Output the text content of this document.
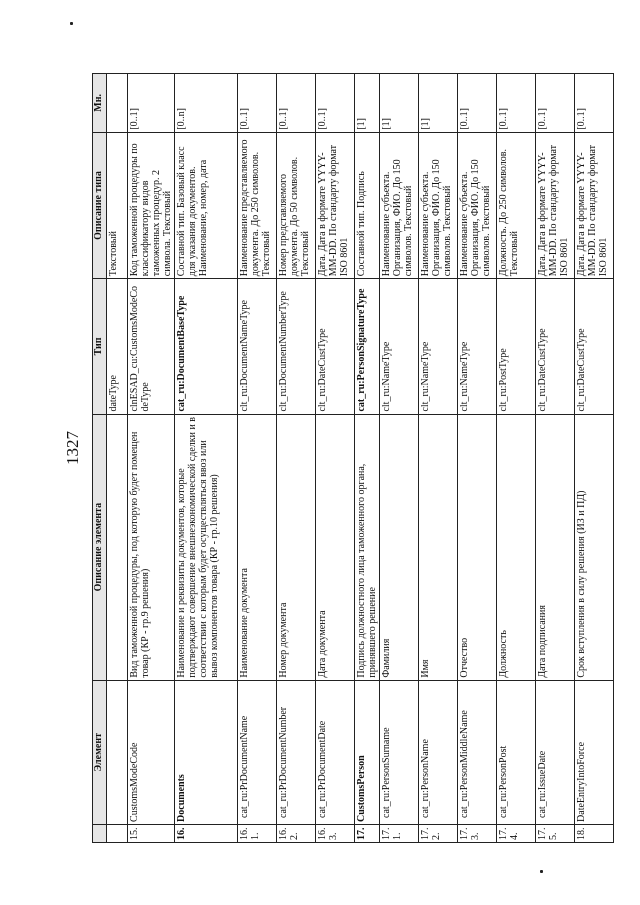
1327
	Элемент	Описание элемента	Тип	Описание типа	Мн.
			dateType	Текстовый	
15.	CustomsModeCode	Вид таможенной процедуры, под которую будет помещен товар (КР - гр.9 решения)	clnESAD_cu:CustomsModeCodeType	Код таможенной процедуры по классификатору видов таможенных процедур. 2 символа. Текстовый	[0..1]
16.	Documents	Наименование и реквизиты документов, которые подтверждают совершение внешнеэкономической сделки и в соответствии с которым будет осуществляться ввоз или вывоз компонентов товара (КР - гр.10 решения)	cat_ru:DocumentBaseType	Составной тип. Базовый класс для указания документов. Наименование, номер, дата	[0..n]
16.1.	cat_ru:PrDocumentName	Наименование документа	clt_ru:DocumentNameType	Наименование представляемого документа. До 250 символов. Текстовый	[0..1]
16.2.	cat_ru:PrDocumentNumber	Номер документа	clt_ru:DocumentNumberType	Номер представляемого документа. До 50 символов. Текстовый	[0..1]
16.3.	cat_ru:PrDocumentDate	Дата документа	clt_ru:DateCustType	Дата. Дата в формате YYYY-MM-DD. По стандарту формат ISO 8601	[0..1]
17.	CustomsPerson	Подпись должностного лица таможенного органа, принявшего решение	cat_ru:PersonSignatureType	Составной тип. Подпись	[1]
17.1.	cat_ru:PersonSurname	Фамилия	clt_ru:NameType	Наименование субъекта. Организация, ФИО. До 150 символов. Текстовый	[1]
17.2.	cat_ru:PersonName	Имя	clt_ru:NameType	Наименование субъекта. Организация, ФИО. До 150 символов. Текстовый	[1]
17.3.	cat_ru:PersonMiddleName	Отчество	clt_ru:NameType	Наименование субъекта. Организация, ФИО. До 150 символов. Текстовый	[0..1]
17.4.	cat_ru:PersonPost	Должность	clt_ru:PostType	Должность. До 250 символов. Текстовый	[0..1]
17.5.	cat_ru:IssueDate	Дата подписания	clt_ru:DateCustType	Дата. Дата в формате YYYY-MM-DD. По стандарту формат ISO 8601	[0..1]
18.	DateEntryIntoForce	Срок вступления в силу решения (ИЗ и ПД)	clt_ru:DateCustType	Дата. Дата в формате YYYY-MM-DD. По стандарту формат ISO 8601	[0..1]
